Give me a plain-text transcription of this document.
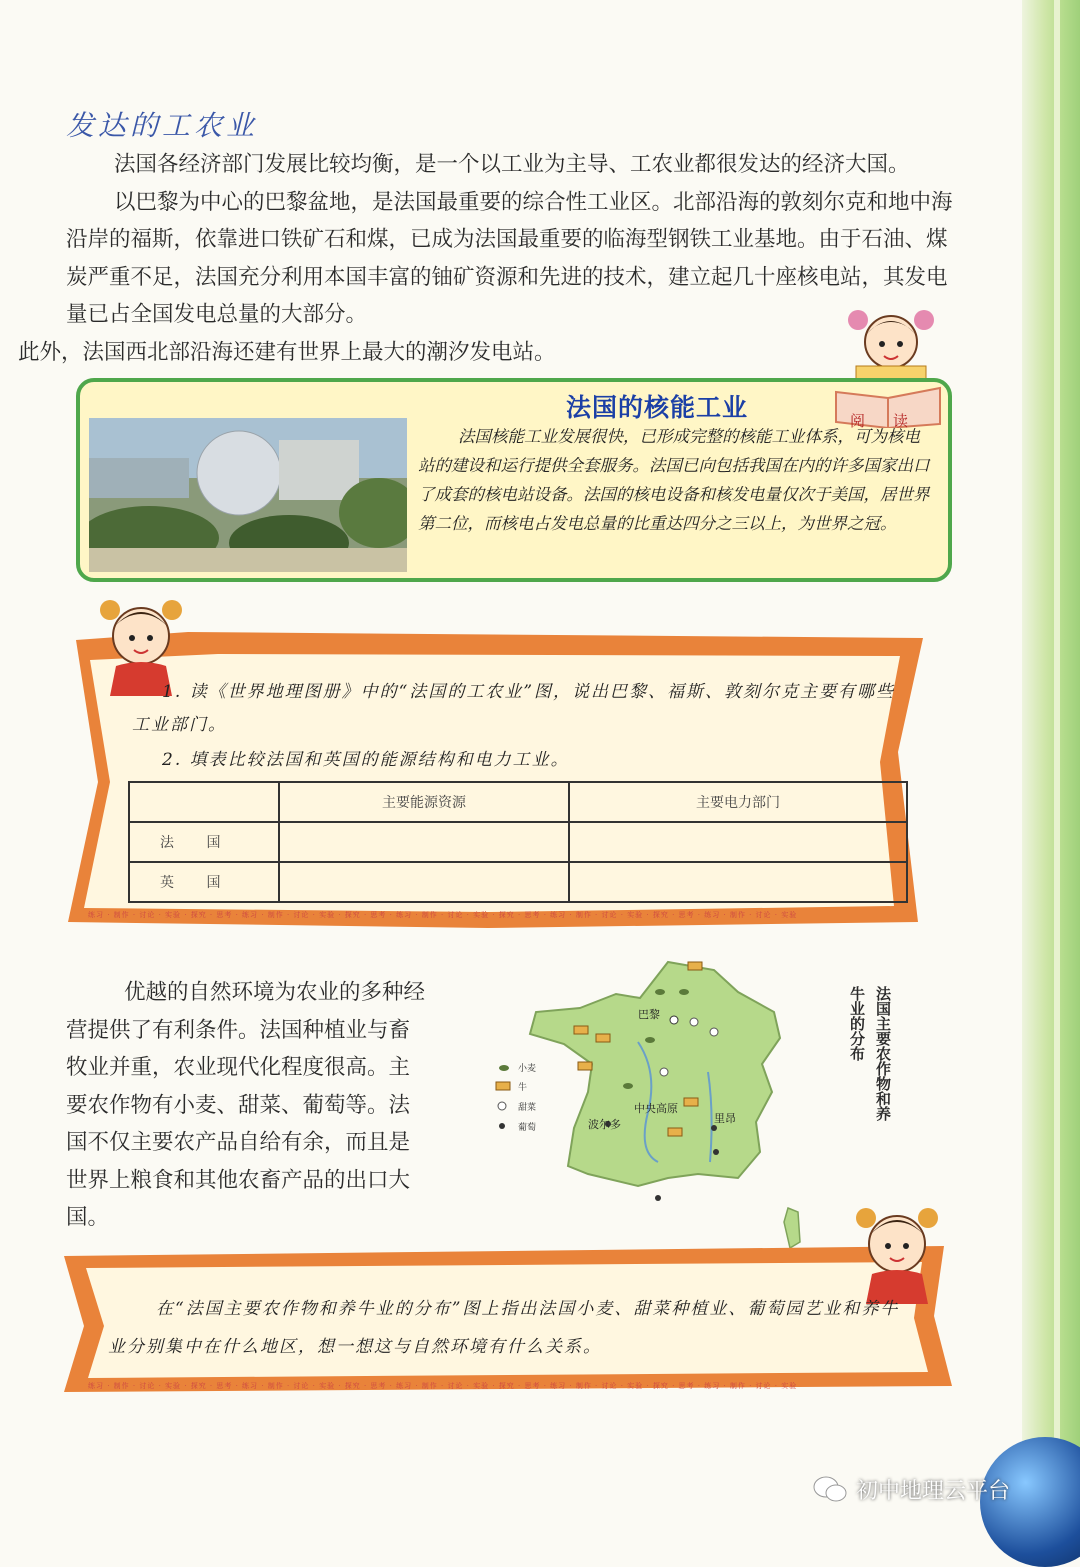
发达的工农业
法国各经济部门发展比较均衡，是一个以工业为主导、工农业都很发达的经济大国。
以巴黎为中心的巴黎盆地，是法国最重要的综合性工业区。北部沿海的敦刻尔克和地中海沿岸的福斯，依靠进口铁矿石和煤，已成为法国最重要的临海型钢铁工业基地。由于石油、煤炭严重不足，法国充分利用本国丰富的铀矿资源和先进的技术，建立起几十座核电站，其发电量已占全国发电总量的大部分。
此外，法国西北部沿海还建有世界上最大的潮汐发电站。
法国的核能工业	阅读
法国核能工业发展很快，已形成完整的核能工业体系，可为核电站的建设和运行提供全套服务。法国已向包括我国在内的许多国家出口了成套的核电站设备。法国的核电设备和核发电量仅次于美国，居世界第二位，而核电占发电总量的比重达四分之三以上，为世界之冠。
1. 读《世界地理图册》中的“法国的工农业”图，说出巴黎、福斯、敦刻尔克主要有哪些工业部门。
2. 填表比较法国和英国的能源结构和电力工业。
	主要能源资源	主要电力部门
法 国		
英 国		
练习 · 制作 · 讨论 · 实验 · 探究 · 思考 · 练习 · 制作 · 讨论 · 实验 · 探究 · 思考 · 练习 · 制作 · 讨论 · 实验 · 探究 · 思考 · 练习 · 制作 · 讨论 · 实验 · 探究 · 思考 · 练习 · 制作 · 讨论 · 实验
优越的自然环境为农业的多种经营提供了有利条件。法国种植业与畜牧业并重，农业现代化程度很高。主要农作物有小麦、甜菜、葡萄等。法国不仅主要农产品自给有余，而且是世界上粮食和其他农畜产品的出口大国。
巴黎
中央高原
波尔多	里昂
小麦
牛
甜菜
葡萄
法国主要农作物和养牛业的分布
在“法国主要农作物和养牛业的分布”图上指出法国小麦、甜菜种植业、葡萄园艺业和养牛业分别集中在什么地区，想一想这与自然环境有什么关系。
练习 · 制作 · 讨论 · 实验 · 探究 · 思考 · 练习 · 制作 · 讨论 · 实验 · 探究 · 思考 · 练习 · 制作 · 讨论 · 实验 · 探究 · 思考 · 练习 · 制作 · 讨论 · 实验 · 探究 · 思考 · 练习 · 制作 · 讨论 · 实验
初中地理云平台
